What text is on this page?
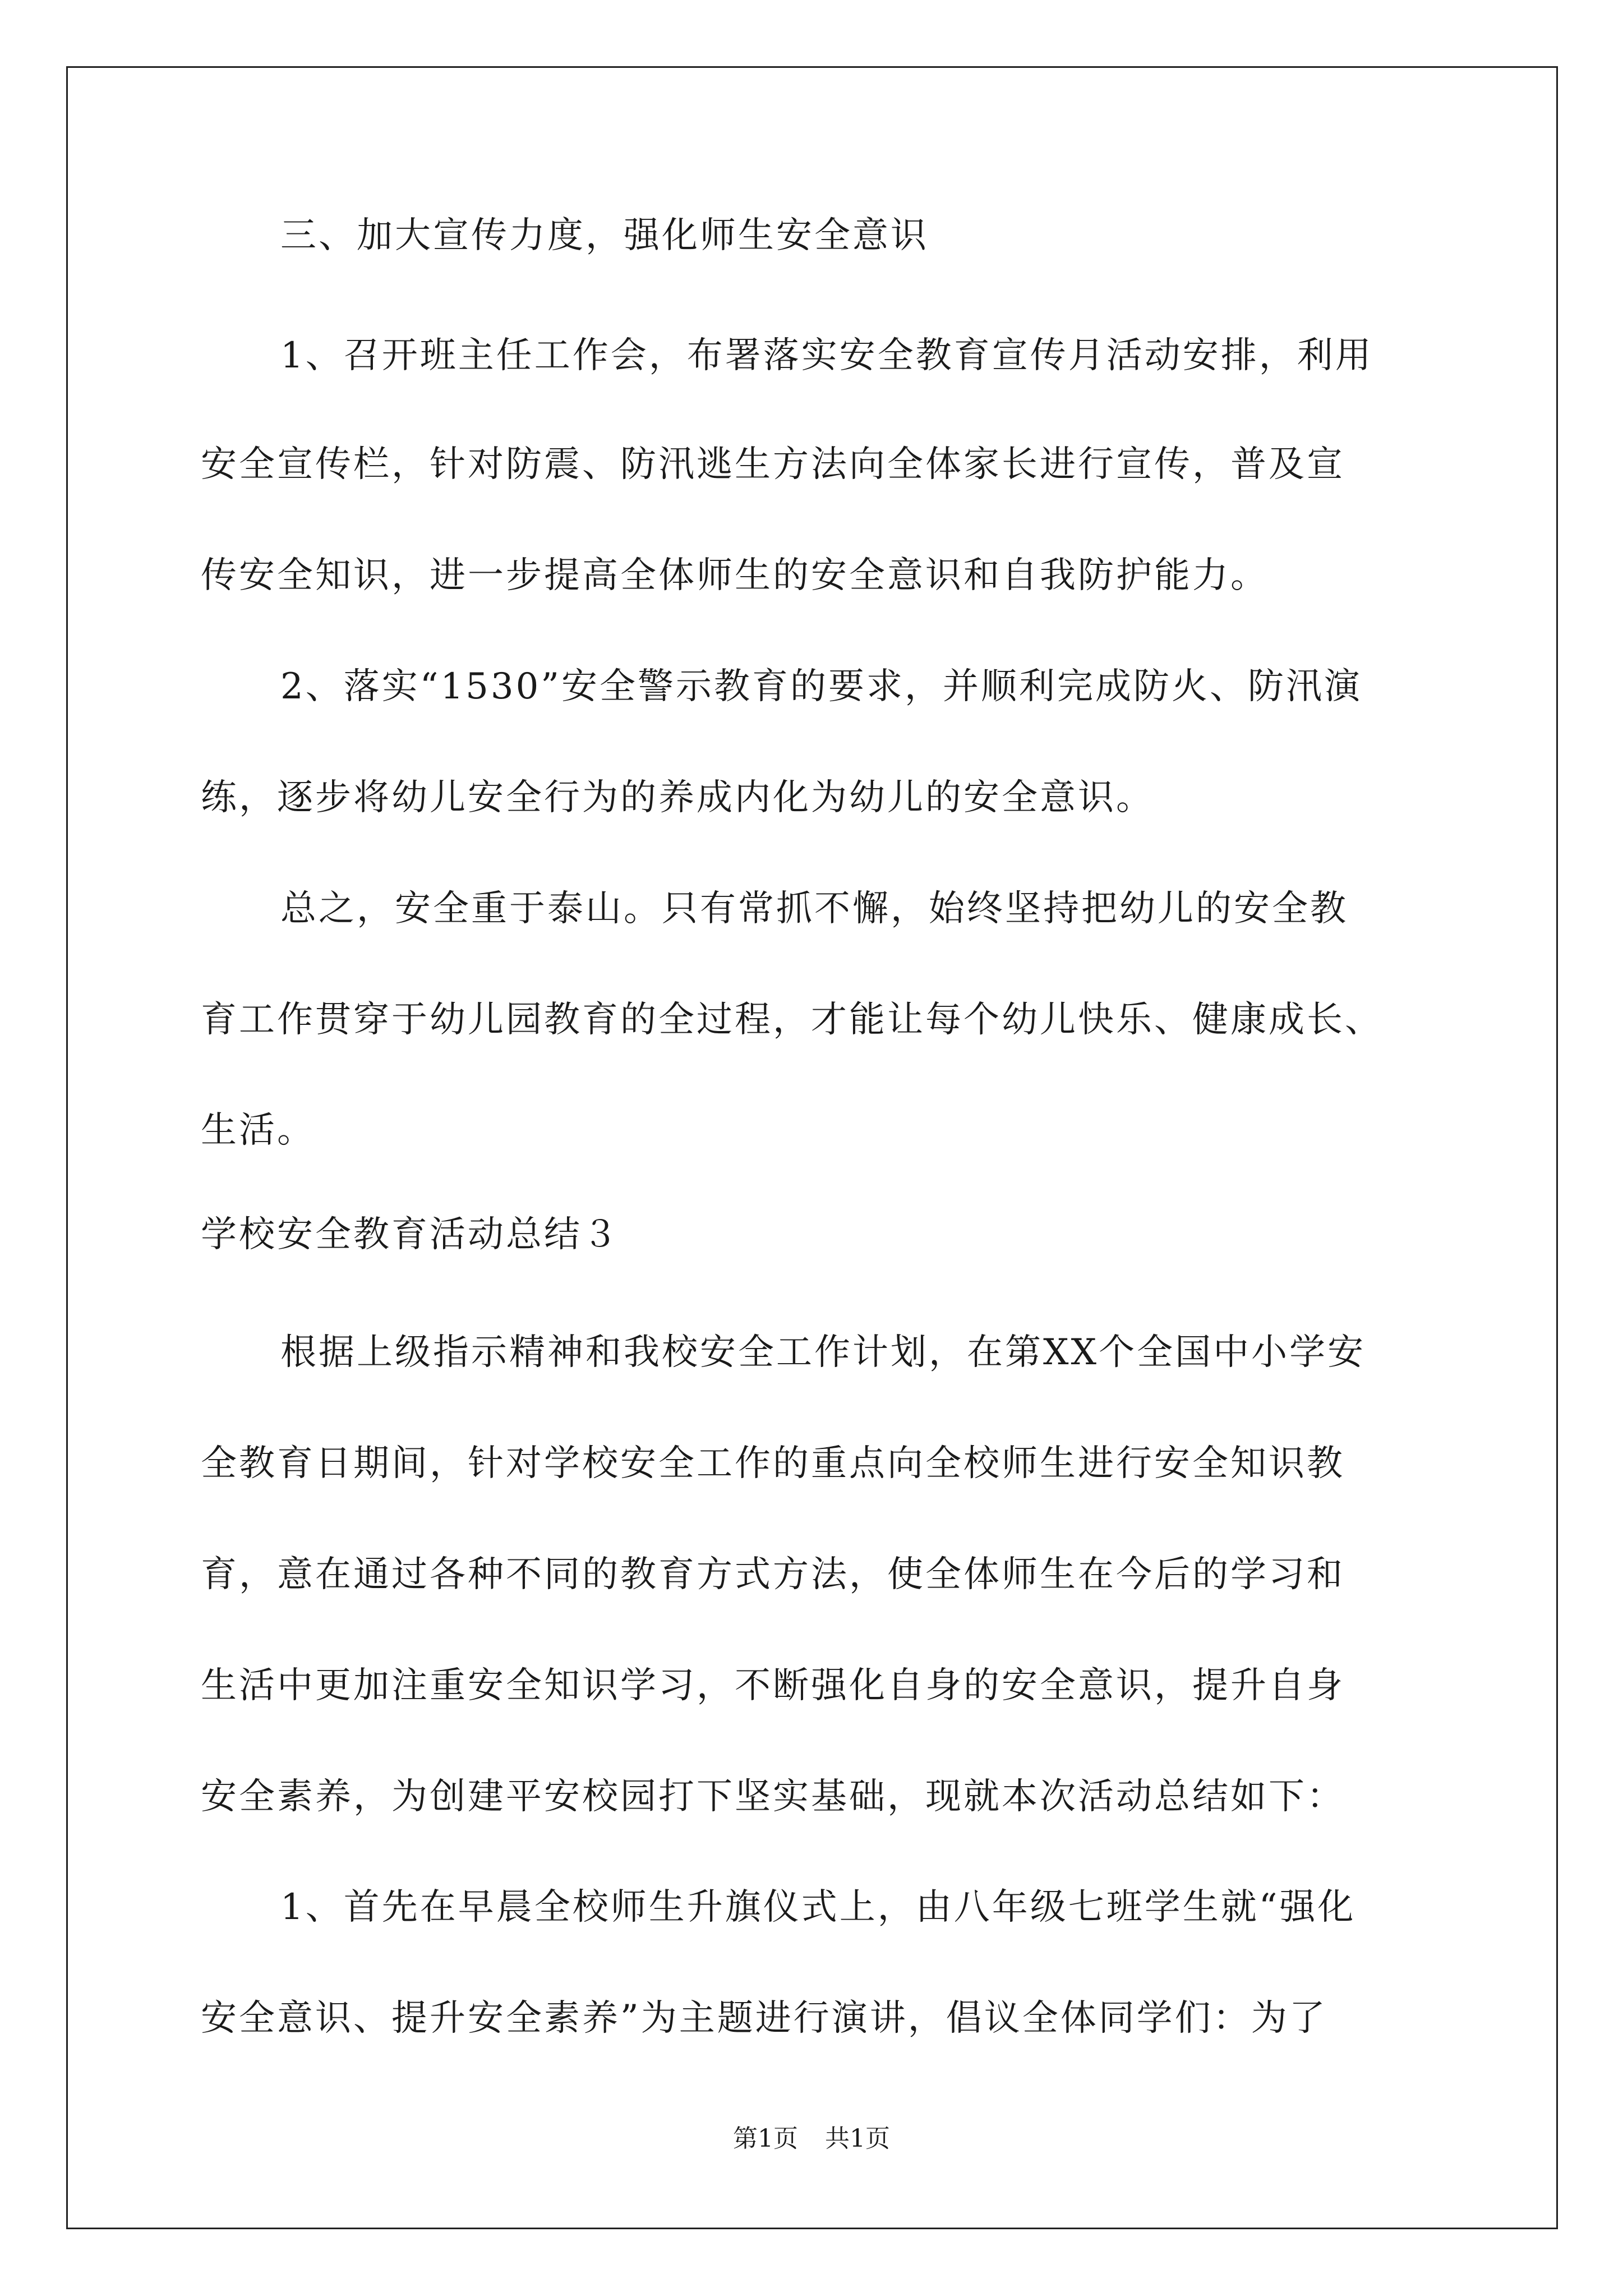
三、加大宣传力度，强化师生安全意识
1、召开班主任工作会，布署落实安全教育宣传月活动安排，利用
安全宣传栏，针对防震、防汛逃生方法向全体家长进行宣传，普及宣
传安全知识，进一步提高全体师生的安全意识和自我防护能力。
2、落实“1530”安全警示教育的要求，并顺利完成防火、防汛演
练，逐步将幼儿安全行为的养成内化为幼儿的安全意识。
总之，安全重于泰山。只有常抓不懈，始终坚持把幼儿的安全教
育工作贯穿于幼儿园教育的全过程，才能让每个幼儿快乐、健康成长、
生活。
学校安全教育活动总结３
根据上级指示精神和我校安全工作计划，在第XX个全国中小学安
全教育日期间，针对学校安全工作的重点向全校师生进行安全知识教
育，意在通过各种不同的教育方式方法，使全体师生在今后的学习和
生活中更加注重安全知识学习，不断强化自身的安全意识，提升自身
安全素养，为创建平安校园打下坚实基础，现就本次活动总结如下：
1、首先在早晨全校师生升旗仪式上，由八年级七班学生就“强化
安全意识、提升安全素养”为主题进行演讲，倡议全体同学们：为了
第1页 共1页
